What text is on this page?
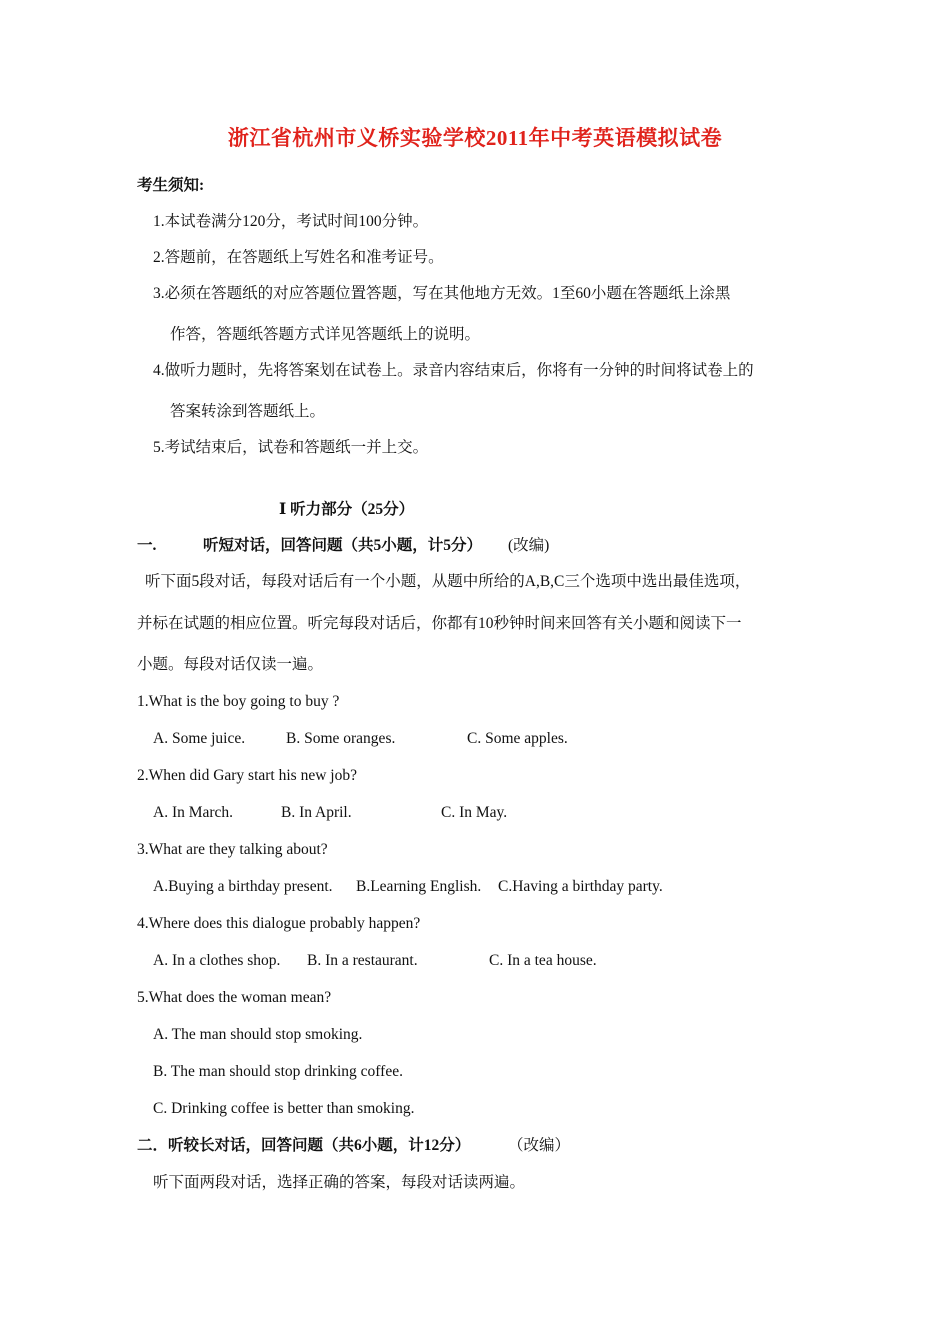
浙江省杭州市义桥实验学校2011年中考英语模拟试卷
考生须知:
1.本试卷满分120分，考试时间100分钟。
2.答题前，在答题纸上写姓名和准考证号。
3.必须在答题纸的对应答题位置答题，写在其他地方无效。1至60小题在答题纸上涂黑
作答，答题纸答题方式详见答题纸上的说明。
4.做听力题时，先将答案划在试卷上。录音内容结束后，你将有一分钟的时间将试卷上的
答案转涂到答题纸上。
5.考试结束后，试卷和答题纸一并上交。
Ⅰ 听力部分（25分）
一.	听短对话，回答问题（共5小题，计5分） (改编)
听下面5段对话，每段对话后有一个小题，从题中所给的A,B,C三个选项中选出最佳选项，
并标在试题的相应位置。听完每段对话后，你都有10秒钟时间来回答有关小题和阅读下一
小题。每段对话仅读一遍。
1.What is the boy going to buy ?
A. Some juice.	B. Some oranges.	C. Some apples.
2.When did Gary start his new job?
A. In March.	B. In April.	C. In May.
3.What are they talking about?
A.Buying a birthday present. B.Learning English. C.Having a birthday party.
4.Where does this dialogue probably happen?
A. In a clothes shop. B. In a restaurant.	C. In a tea house.
5.What does the woman mean?
A. The man should stop smoking.
B. The man should stop drinking coffee.
C. Drinking coffee is better than smoking.
二．听较长对话，回答问题（共6小题，计12分） （改编）
听下面两段对话，选择正确的答案，每段对话读两遍。
